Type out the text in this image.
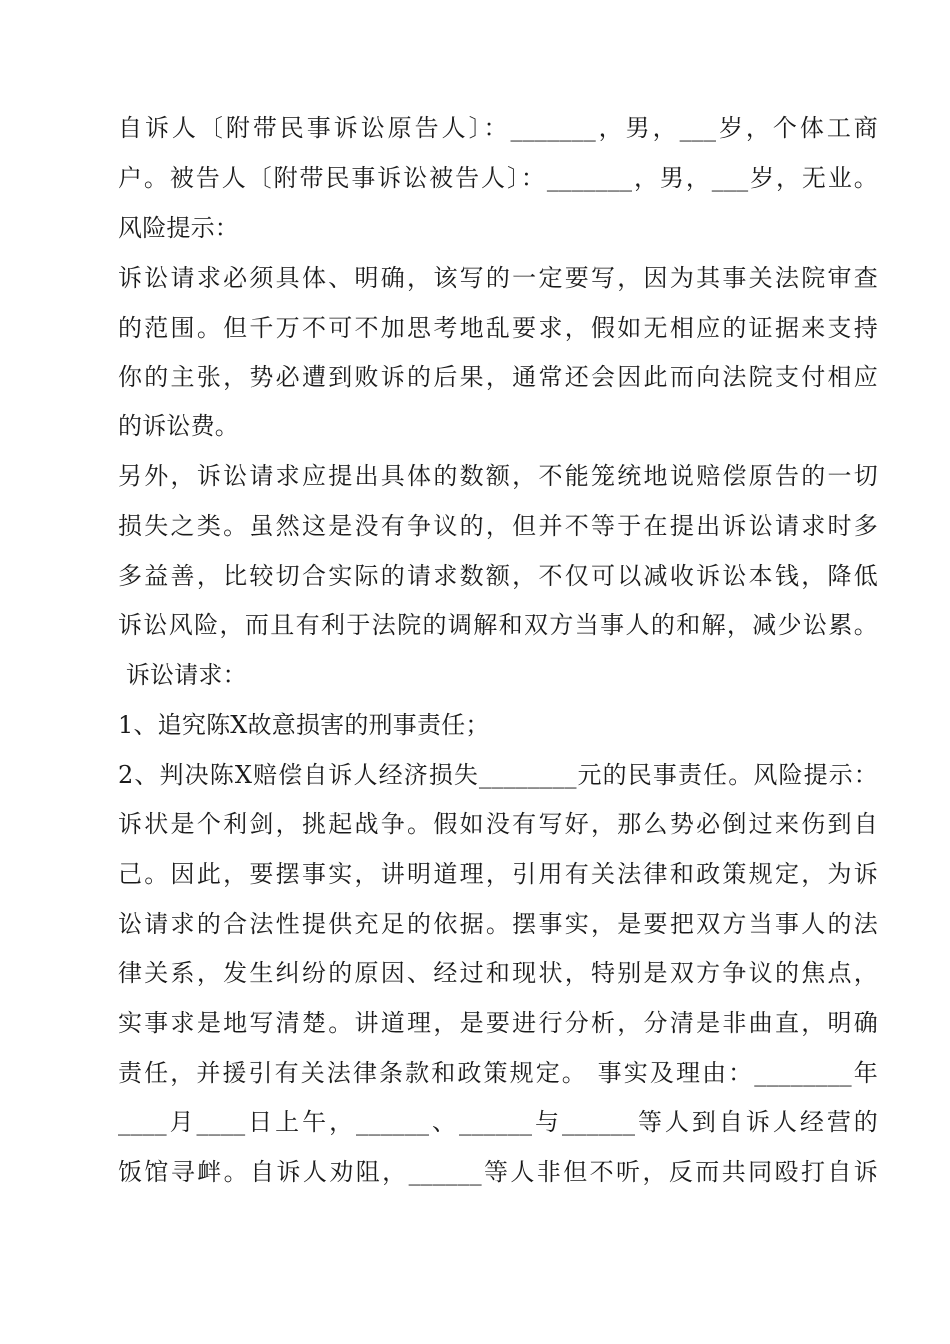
自诉人〔附带民事诉讼原告人〕：_______，男，___岁，个体工商
户。被告人〔附带民事诉讼被告人〕：_______，男，___岁，无业。
风险提示：
诉讼请求必须具体、明确，该写的一定要写，因为其事关法院审查
的范围。但千万不可不加思考地乱要求，假如无相应的证据来支持
你的主张，势必遭到败诉的后果，通常还会因此而向法院支付相应
的诉讼费。
另外，诉讼请求应提出具体的数额，不能笼统地说赔偿原告的一切
损失之类。虽然这是没有争议的，但并不等于在提出诉讼请求时多
多益善，比较切合实际的请求数额，不仅可以减收诉讼本钱，降低
诉讼风险，而且有利于法院的调解和双方当事人的和解，减少讼累。
诉讼请求：
1、追究陈X故意损害的刑事责任；
2、判决陈X赔偿自诉人经济损失________元的民事责任。风险提示：
诉状是个利剑，挑起战争。假如没有写好，那么势必倒过来伤到自
己。因此，要摆事实，讲明道理，引用有关法律和政策规定，为诉
讼请求的合法性提供充足的依据。摆事实，是要把双方当事人的法
律关系，发生纠纷的原因、经过和现状，特别是双方争议的焦点，
实事求是地写清楚。讲道理，是要进行分析，分清是非曲直，明确
责任，并援引有关法律条款和政策规定。 事实及理由：________年
____月____日上午，______、______与______等人到自诉人经营的
饭馆寻衅。自诉人劝阻，______等人非但不听，反而共同殴打自诉
